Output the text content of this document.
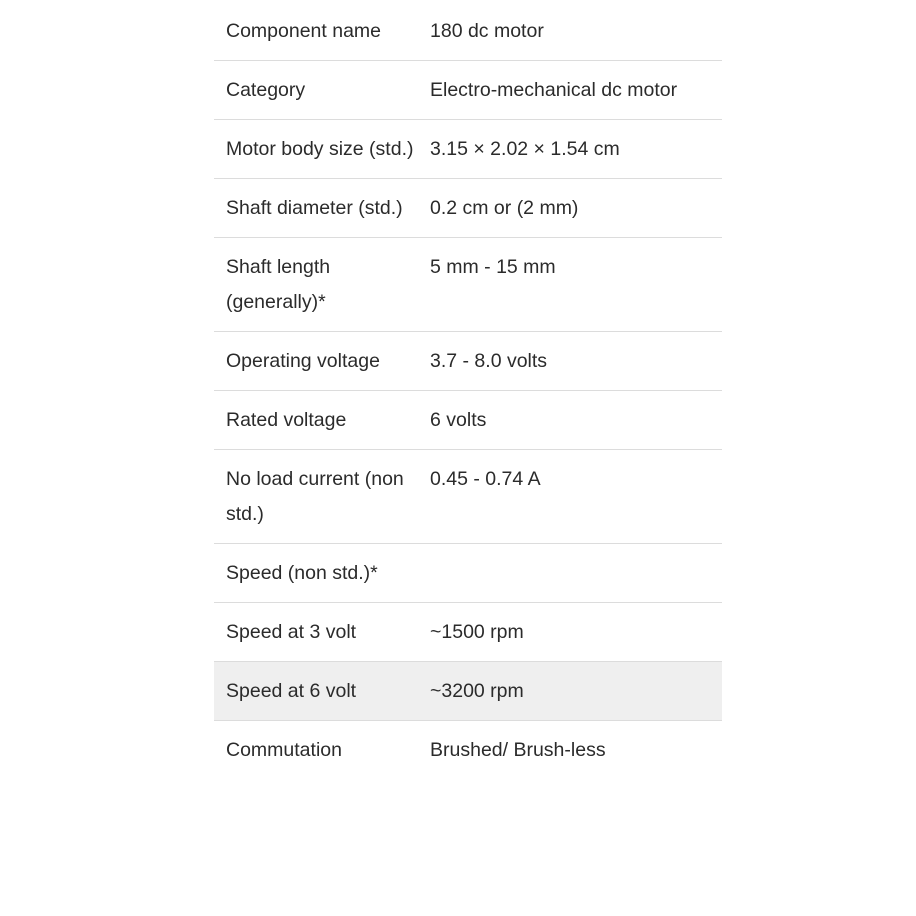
Component name	180 dc motor
Category	Electro-mechanical dc motor
Motor body size (std.)	3.15 × 2.02 × 1.54 cm
Shaft diameter (std.)	0.2 cm or (2 mm)
Shaft length (generally)*	5 mm - 15 mm
Operating voltage	3.7 - 8.0 volts
Rated voltage	6 volts
No load current (non std.)	0.45 - 0.74 A
Speed (non std.)*	
Speed at 3 volt	~1500 rpm
Speed at 6 volt	~3200 rpm
Commutation	Brushed/ Brush-less
